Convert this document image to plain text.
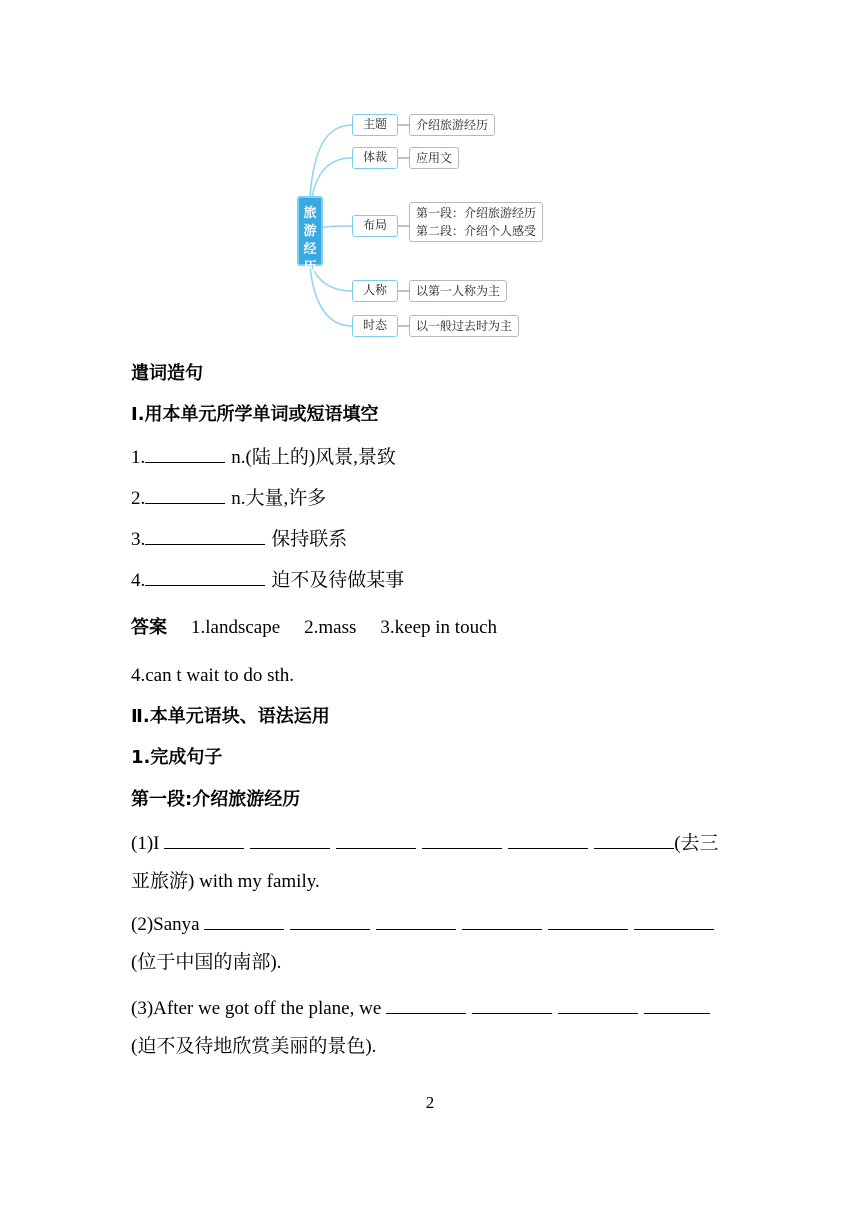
旅游经历
主题	介绍旅游经历
体裁	应用文
布局
第一段：介绍旅游经历
第二段：介绍个人感受
人称	以第一人称为主
时态	以一般过去时为主
遣词造句
Ⅰ.用本单元所学单词或短语填空
1.	n.(陆上的)风景,景致
2.	n.大量,许多
3.	保持联系
4.	迫不及待做某事
答案 1.landscape 2.mass 3.keep in touch
4.can t wait to do sth.
Ⅱ.本单元语块、语法运用
1.完成句子
第一段:介绍旅游经历
(1)I	(去三
亚旅游) with my family.
(2)Sanya
(位于中国的南部).
(3)After we got off the plane, we
(迫不及待地欣赏美丽的景色).
2
